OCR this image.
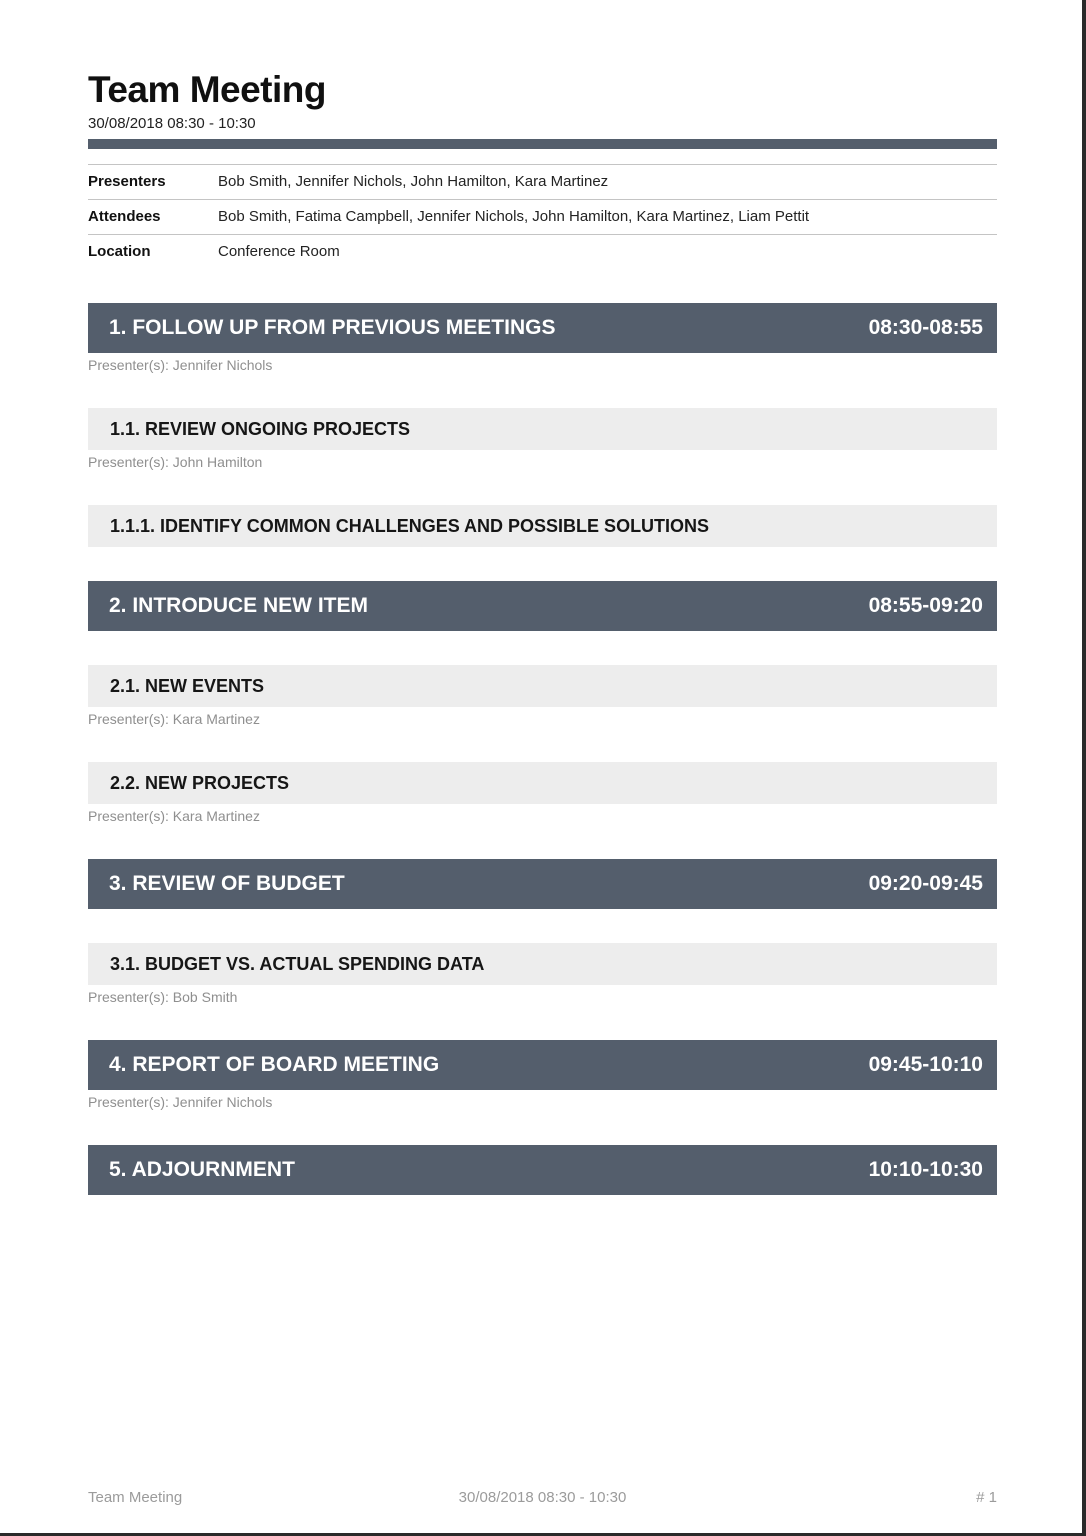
Team Meeting
30/08/2018 08:30 - 10:30
Presenters	Bob Smith, Jennifer Nichols, John Hamilton, Kara Martinez
Attendees	Bob Smith, Fatima Campbell, Jennifer Nichols, John Hamilton, Kara Martinez, Liam Pettit
Location	Conference Room
1. FOLLOW UP FROM PREVIOUS MEETINGS	08:30-08:55
Presenter(s): Jennifer Nichols
1.1. REVIEW ONGOING PROJECTS
Presenter(s): John Hamilton
1.1.1. IDENTIFY COMMON CHALLENGES AND POSSIBLE SOLUTIONS
2. INTRODUCE NEW ITEM	08:55-09:20
2.1. NEW EVENTS
Presenter(s): Kara Martinez
2.2. NEW PROJECTS
Presenter(s): Kara Martinez
3. REVIEW OF BUDGET	09:20-09:45
3.1. BUDGET VS. ACTUAL SPENDING DATA
Presenter(s): Bob Smith
4. REPORT OF BOARD MEETING	09:45-10:10
Presenter(s): Jennifer Nichols
5. ADJOURNMENT	10:10-10:30
Team Meeting	30/08/2018 08:30 - 10:30	# 1
